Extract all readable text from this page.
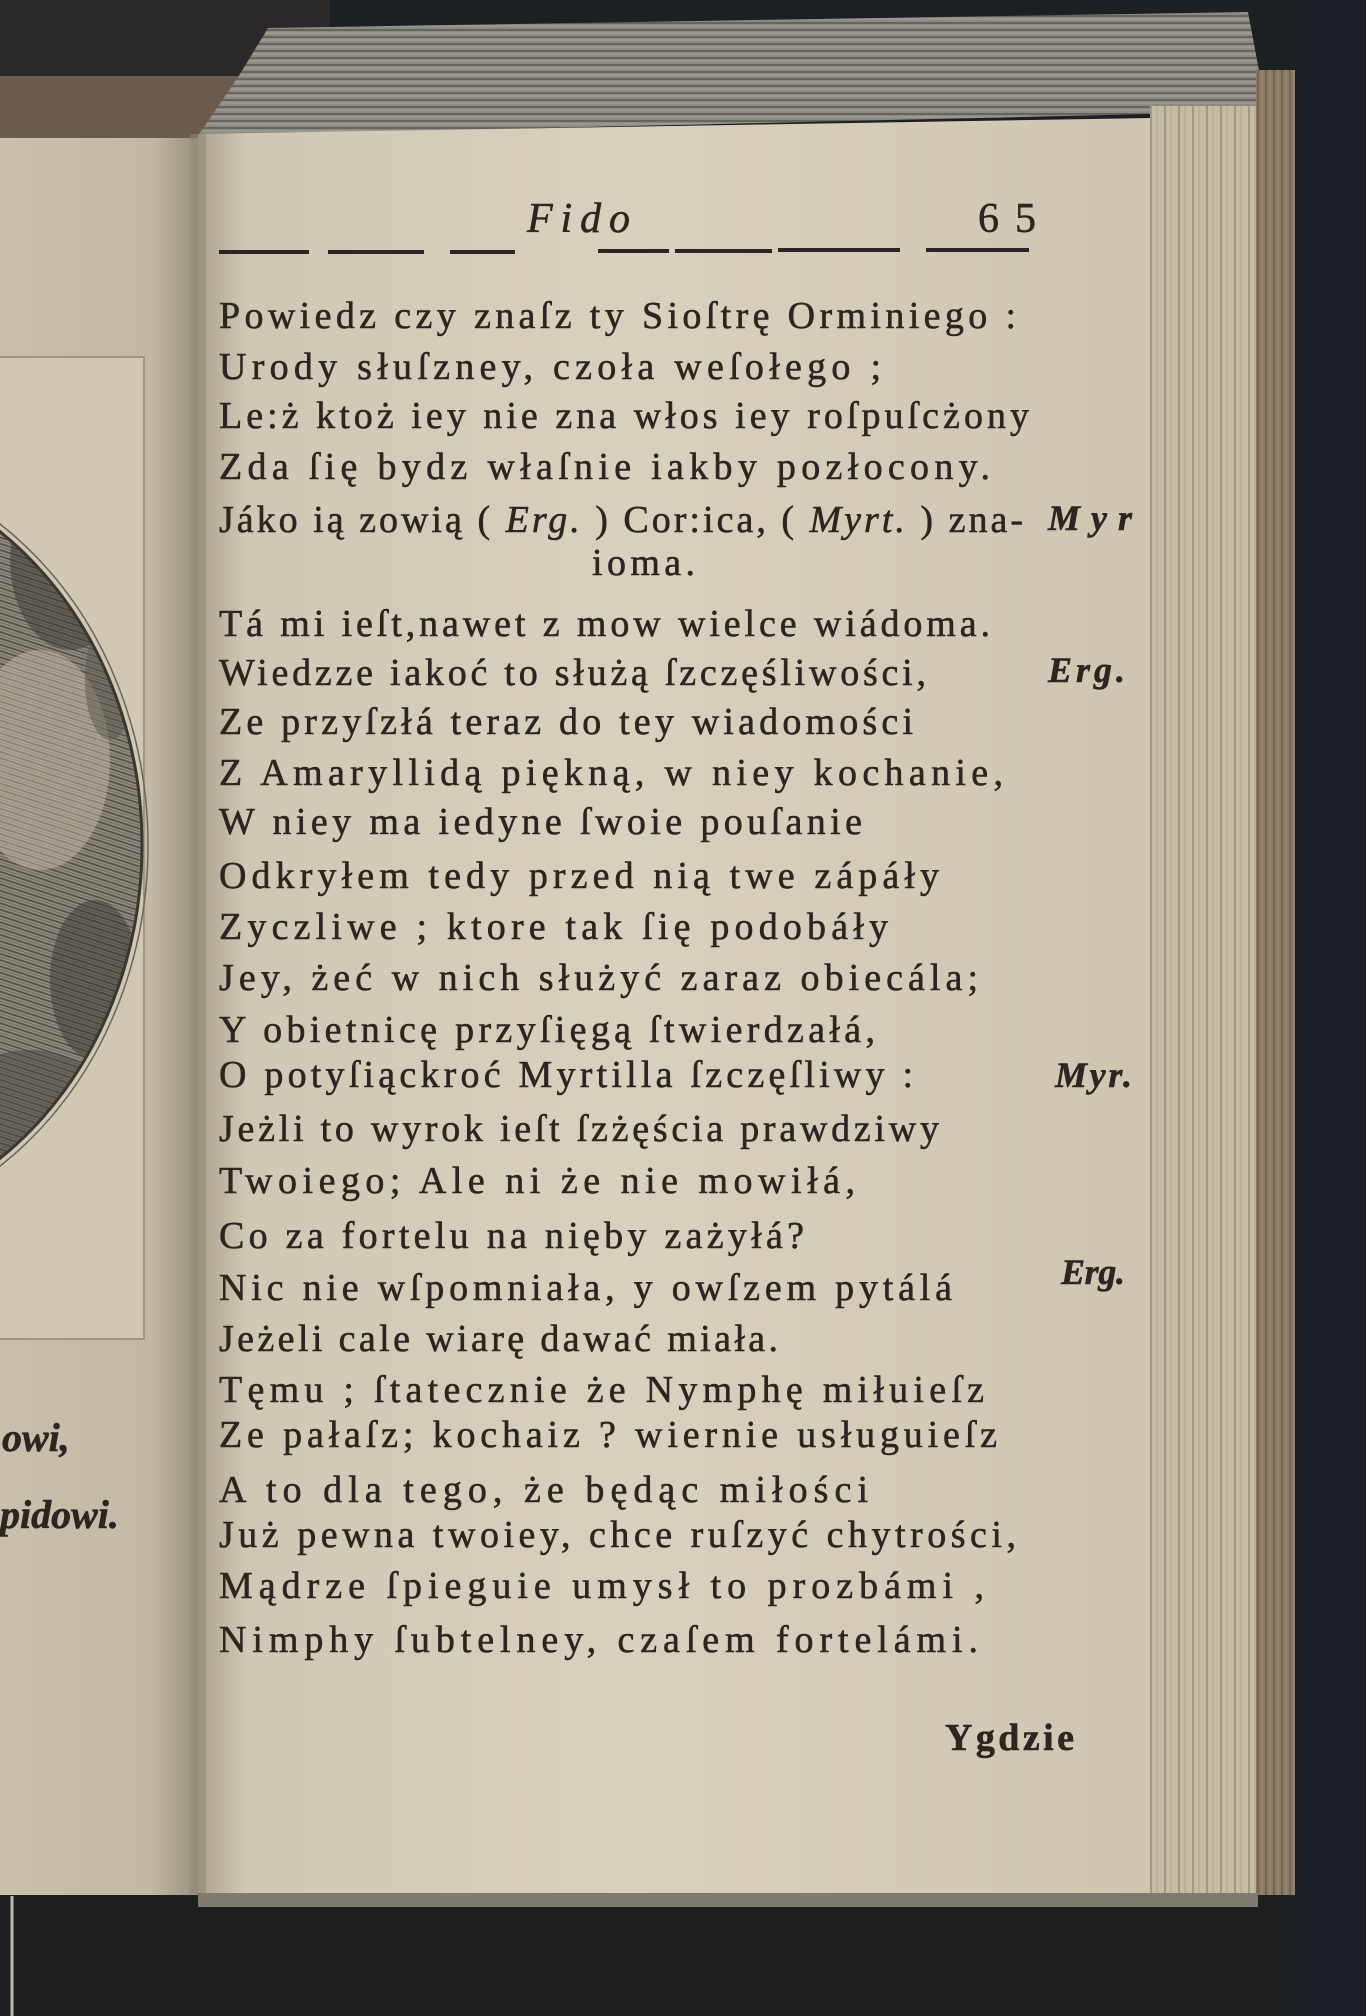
owi,
pidowi.
Fido	65
Powiedz czy znaſz ty Sioſtrę Orminiego :
Urody słuſzney, czoła weſołego ;
Le:ż ktoż iey nie zna włos iey roſpuſcżony
Zda ſię bydz właſnie iakby pozłocony.
Jáko ią zowią ( Erg. ) Cor:ica, ( Myrt. ) zna-
ioma.
Tá mi ieſt,nawet z mow wielce wiádoma.
Wiedzze iakoć to służą ſzczęśliwości,
Ze przyſzłá teraz do tey wiadomości
Z Amaryllidą piękną, w niey kochanie,
W niey ma iedyne ſwoie pouſanie
Odkryłem tedy przed nią twe zápáły
Zyczliwe ; ktore tak ſię podobáły
Jey, żeć w nich służyć zaraz obiecála;
Y obietnicę przyſięgą ſtwierdzałá,
O potyſiąckroć Myrtilla ſzczęſliwy :
Jeżli to wyrok ieſt ſzżęścia prawdziwy
Twoiego; Ale ni że nie mowiłá,
Co za fortelu na nięby zażyłá?
Nic nie wſpomniała, y owſzem pytálá
Jeżeli cale wiarę dawać miała.
Tęmu ; ſtatecznie że Nymphę miłuieſz
Ze pałaſz; kochaiz ? wiernie usługuieſz
A to dla tego, że będąc miłości
Już pewna twoiey, chce ruſzyć chytrości,
Mądrze ſpieguie umysł to prozbámi ,
Nimphy ſubtelney, czaſem fortelámi.
Myr
Erg.
Myr.
Erg.
Ygdzie
